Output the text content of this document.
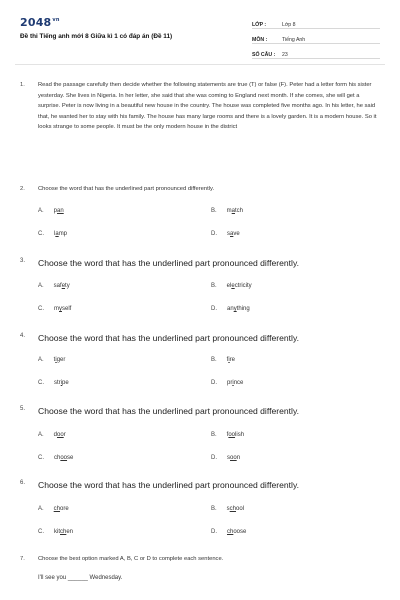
$2048^{vn}$
Đề thi Tiếng anh mới 8 Giữa kì 1 có đáp án (Đề 11)
LỚP :	Lớp 8
MÔN :	Tiếng Anh
SỐ CÂU :	23
1.	Read the passage carefully then decide whether the following statements are true (T) or false (F). Peter had a letter form his sister yesterday. She lives in Nigeria. In her letter, she said that she was coming to England next month. If she comes, she will get a surprise. Peter is now living in a beautiful new house in the country. The house was completed five months ago. In his letter, he said that, he wanted her to stay with his family. The house has many large rooms and there is a lovely garden. It is a modern house. So it looks strange to some people. It must be the only modern house in the district
2.	Choose the word that has the underlined part pronounced differently.
A. pan	B. match
C. lamp	D. save
3.	Choose the word that has the underlined part pronounced differently.
A. safety	B. electricity
C. myself	D. anything
4.	Choose the word that has the underlined part pronounced differently.
A. tiger	B. fire
C. stripe	D. prince
5.	Choose the word that has the underlined part pronounced differently.
A. door	B. foolish
C. choose	D. soon
6.	Choose the word that has the underlined part pronounced differently.
A. chore	B. school
C. kitchen	D. choose
7.	Choose the best option marked A, B, C or D to complete each sentence.
I'll see you ______ Wednesday.
